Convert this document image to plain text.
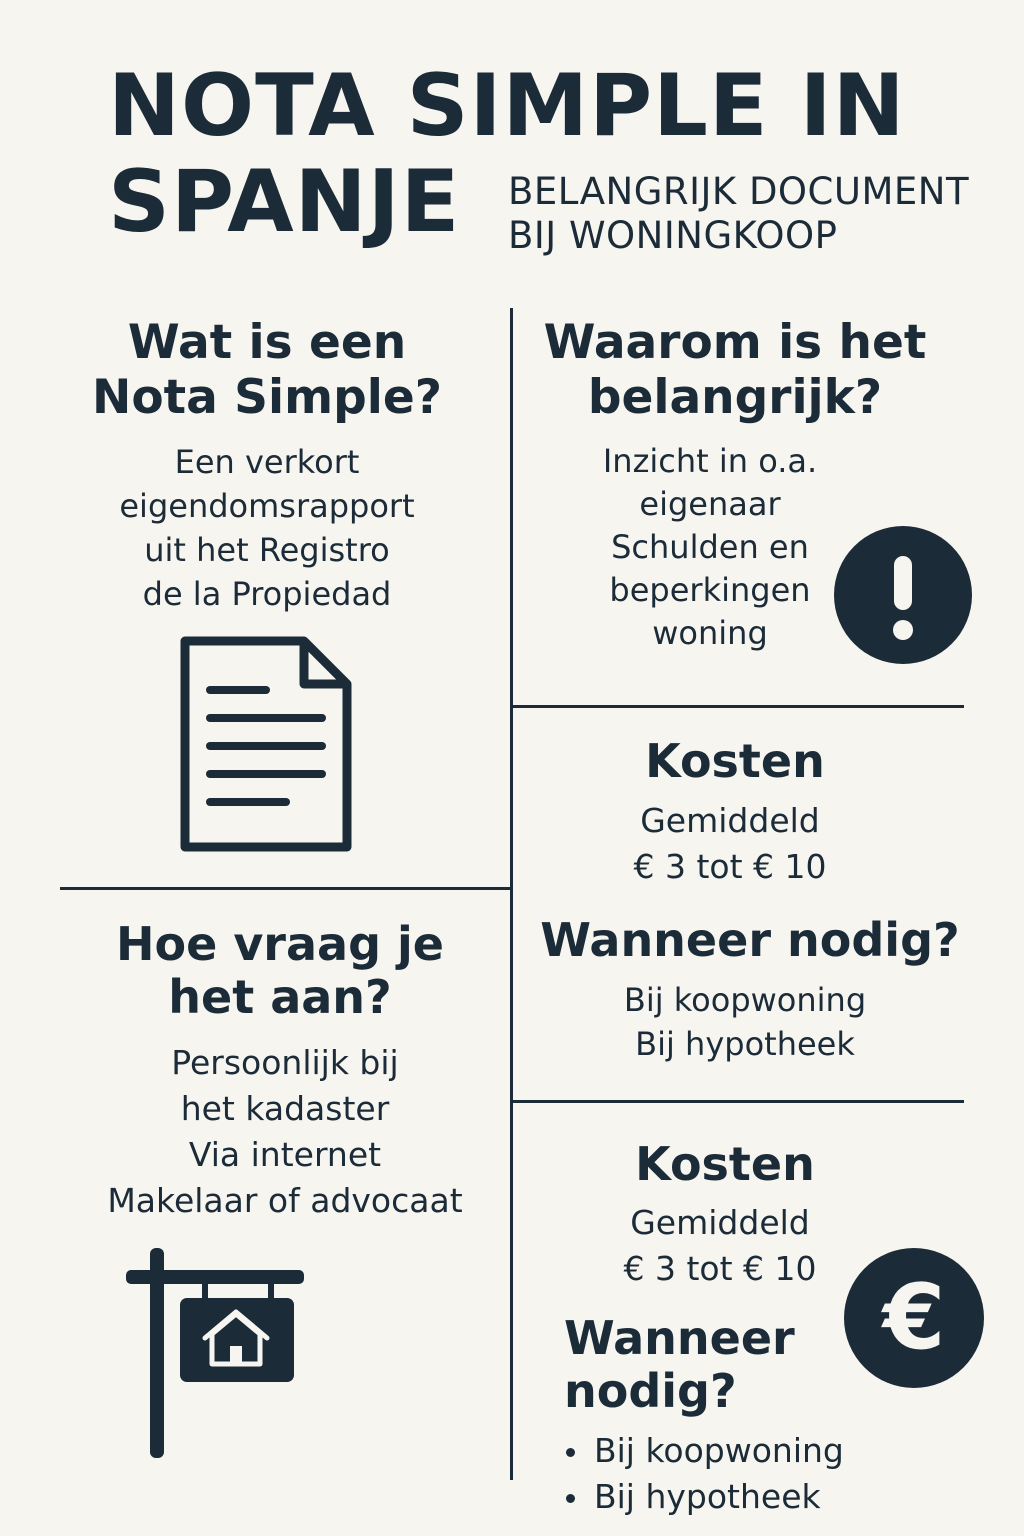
NOTA SIMPLE IN
SPANJE	BELANGRIJK DOCUMENT
BIJ WONINGKOOP
Wat is een
Nota Simple?
Een verkort
eigendomsrapport
uit het Registro
de la Propiedad
Waarom is het
belangrijk?
Inzicht in o.a.
eigenaar
Schulden en
beperkingen
woning
Kosten
Gemiddeld
€ 3 tot € 10
Wanneer nodig?
Bij koopwoning
Bij hypotheek
Hoe vraag je
het aan?
Persoonlijk bij
het kadaster
Via internet
Makelaar of advocaat
Kosten
Gemiddeld
€ 3 tot € 10 €
Wanneer
nodig?
Bij koopwoning
Bij hypotheek
